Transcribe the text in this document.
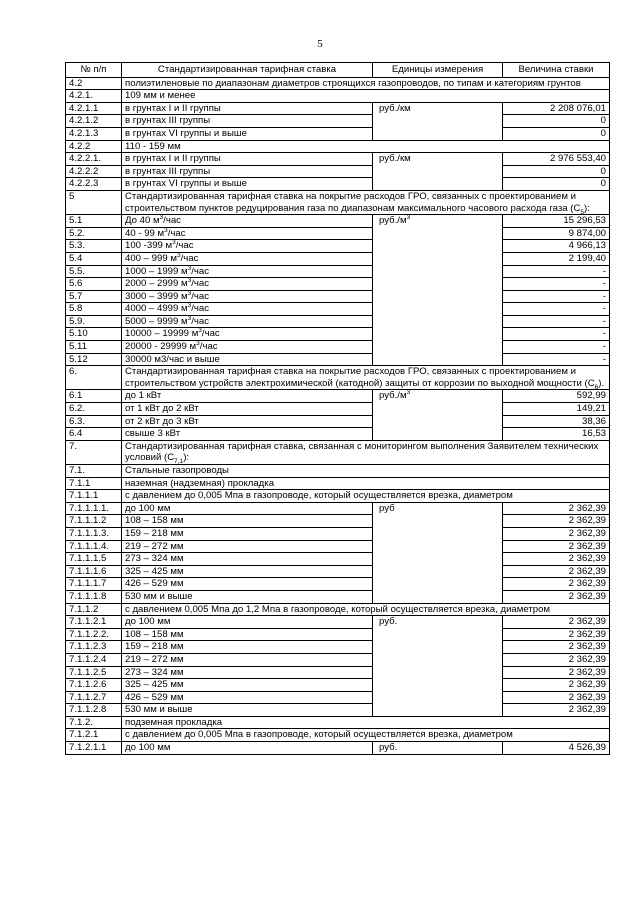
5
№ п/п	Стандартизированная тарифная ставка	Единицы измерения	Величина ставки
4.2	полиэтиленовые по диапазонам диаметров строящихся газопроводов, по типам и категориям грунтов		
4.2.1.	109 мм и менее		
4.2.1.1	в грунтах I и II группы	руб./км	2 208 076,01
4.2.1.2	в грунтах III группы		0
4.2.1.3	в грунтах VI группы и выше		0
4.2.2	110 - 159 мм		
4.2.2.1.	в грунтах I и II группы	руб./км	2 976 553,40
4.2.2.2	в грунтах III группы		0
4.2.2.3	в грунтах VI группы и выше		0
5	Стандартизированная тарифная ставка на покрытие расходов ГРО, связанных с проектированием и строительством пунктов редуцирования газа по диапазонам максимального часового расхода газа $(C_5)$:		
5.1	До 40 $м^3$/час	$руб./м^3$	15 296,53
5.2.	40 - 99 $м^3$/час		9 874,00
5.3.	100 -399 $м^3$/час		4 966,13
5.4	400 – 999 $м^3$/час		2 199,40
5.5.	1000 – 1999 $м^3$/час		-
5.6	2000 – 2999 $м^3$/час		-
5.7	3000 – 3999 $м^3$/час		-
5.8	4000 – 4999 $м^3$/час		-
5.9.	5000 – 9999 $м^3$/час		-
5.10	10000 – 19999 $м^3$/час		-
5.11	20000 - 29999 $м^3$/час		-
5.12	30000 м3/час и выше		-
6.	Стандартизированная тарифная ставка на покрытие расходов ГРО, связанных с проектированием и строительством устройств электрохимической (катодной) защиты от коррозии по выходной мощности $(C_6)$.		
6.1	до 1 кВт	$руб./м^3$	592,99
6.2.	от 1 кВт до 2 кВт		149,21
6.3.	от 2 кВт до 3 кВт		38,36
6.4	свыше 3 кВт		16,53
7.	Стандартизированная тарифная ставка, связанная с мониторингом выполнения Заявителем технических условий $(C_{7,1})$:		
7.1.	Стальные газопроводы		
7.1.1	наземная (надземная) прокладка		
7.1.1.1	с давлением до 0,005 Мпа в газопроводе, который осуществляется врезка, диаметром		
7.1.1.1.1.	до 100 мм	руб	2 362,39
7.1.1.1.2	108 – 158 мм		2 362,39
7.1.1.1.3.	159 – 218 мм		2 362,39
7.1.1.1.4.	219 – 272 мм		2 362,39
7.1.1.1.5	273 – 324 мм		2 362,39
7.1.1.1.6	325 – 425 мм		2 362,39
7.1.1.1.7	426 – 529 мм		2 362,39
7.1.1.1.8	530 мм и выше		2 362,39
7.1.1.2	с давлением 0,005 Мпа до 1,2 Мпа в газопроводе, который осуществляется врезка, диаметром		
7.1.1.2.1	до 100 мм	руб.	2 362,39
7.1.1.2.2.	108 – 158 мм		2 362,39
7.1.1.2.3	159 – 218 мм		2 362,39
7.1.1.2.4	219 – 272 мм		2 362,39
7.1.1.2.5	273 – 324 мм		2 362,39
7.1.1.2.6	325 – 425 мм		2 362,39
7.1.1.2.7	426 – 529 мм		2 362,39
7.1.1.2.8	530 мм и выше		2 362,39
7.1.2.	подземная прокладка		
7.1.2.1	с давлением до 0,005 Мпа в газопроводе, который осуществляется врезка, диаметром		
7.1.2.1.1	до 100 мм	руб.	4 526,39
